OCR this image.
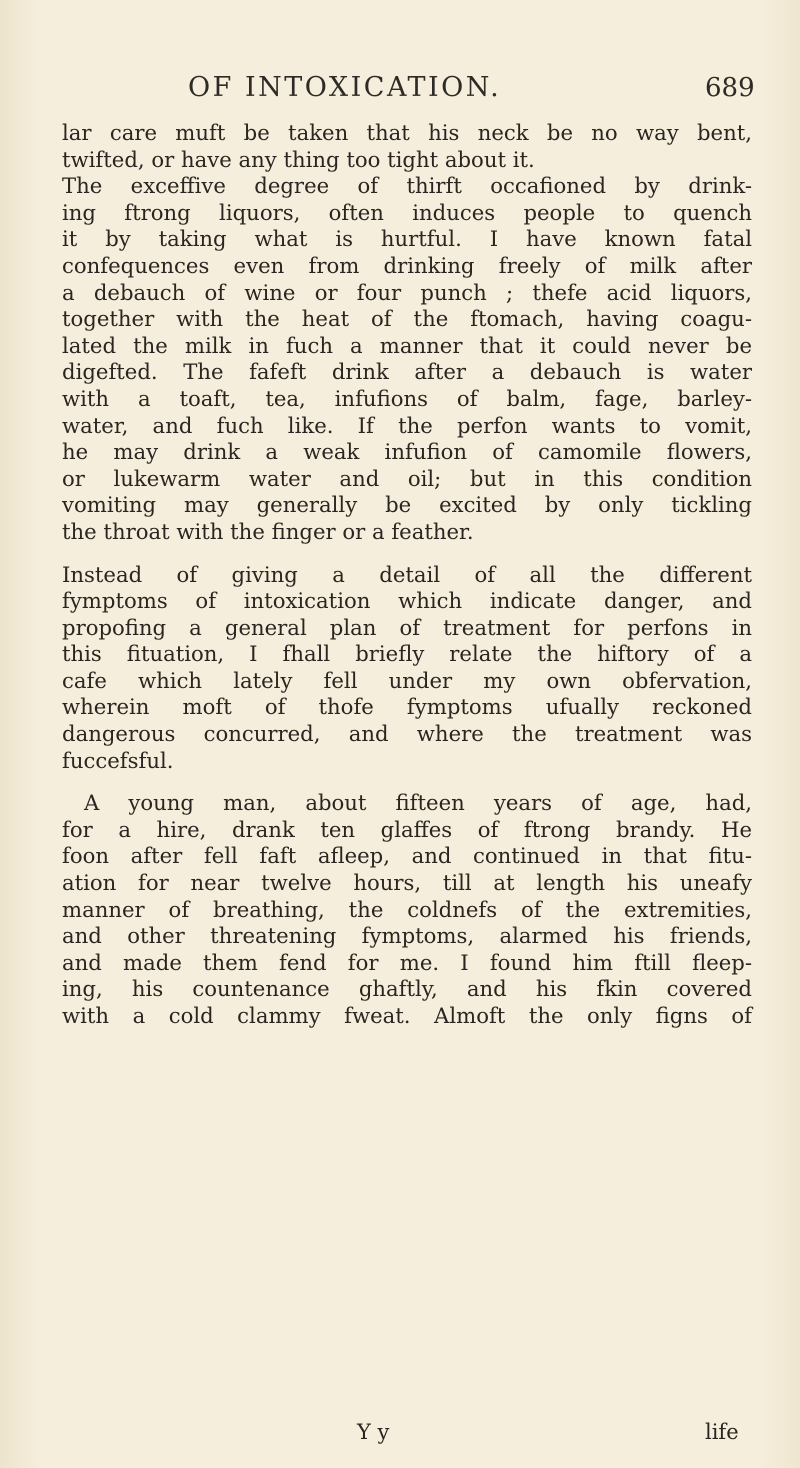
OF INTOXICATION.	689
lar care muft be taken that his neck be no way bent,
twifted, or have any thing too tight about it.
The exceffive degree of thirft occafioned by drink-
ing ftrong liquors, often induces people to quench
it by taking what is hurtful. I have known fatal
confequences even from drinking freely of milk after
a debauch of wine or four punch ; thefe acid liquors,
together with the heat of the ftomach, having coagu-
lated the milk in fuch a manner that it could never be
digefted. The fafeft drink after a debauch is water
with a toaft, tea, infufions of balm, fage, barley-
water, and fuch like. If the perfon wants to vomit,
he may drink a weak infufion of camomile flowers,
or lukewarm water and oil; but in this condition
vomiting may generally be excited by only tickling
the throat with the finger or a feather.
Instead of giving a detail of all the different
fymptoms of intoxication which indicate danger, and
propofing a general plan of treatment for perfons in
this fituation, I fhall briefly relate the hiftory of a
cafe which lately fell under my own obfervation,
wherein moft of thofe fymptoms ufually reckoned
dangerous concurred, and where the treatment was
fuccefsful.
A young man, about fifteen years of age, had,
for a hire, drank ten glaffes of ftrong brandy. He
foon after fell faft afleep, and continued in that fitu-
ation for near twelve hours, till at length his uneafy
manner of breathing, the coldnefs of the extremities,
and other threatening fymptoms, alarmed his friends,
and made them fend for me. I found him ftill fleep-
ing, his countenance ghaftly, and his fkin covered
with a cold clammy fweat. Almoft the only figns of
Y y	life
